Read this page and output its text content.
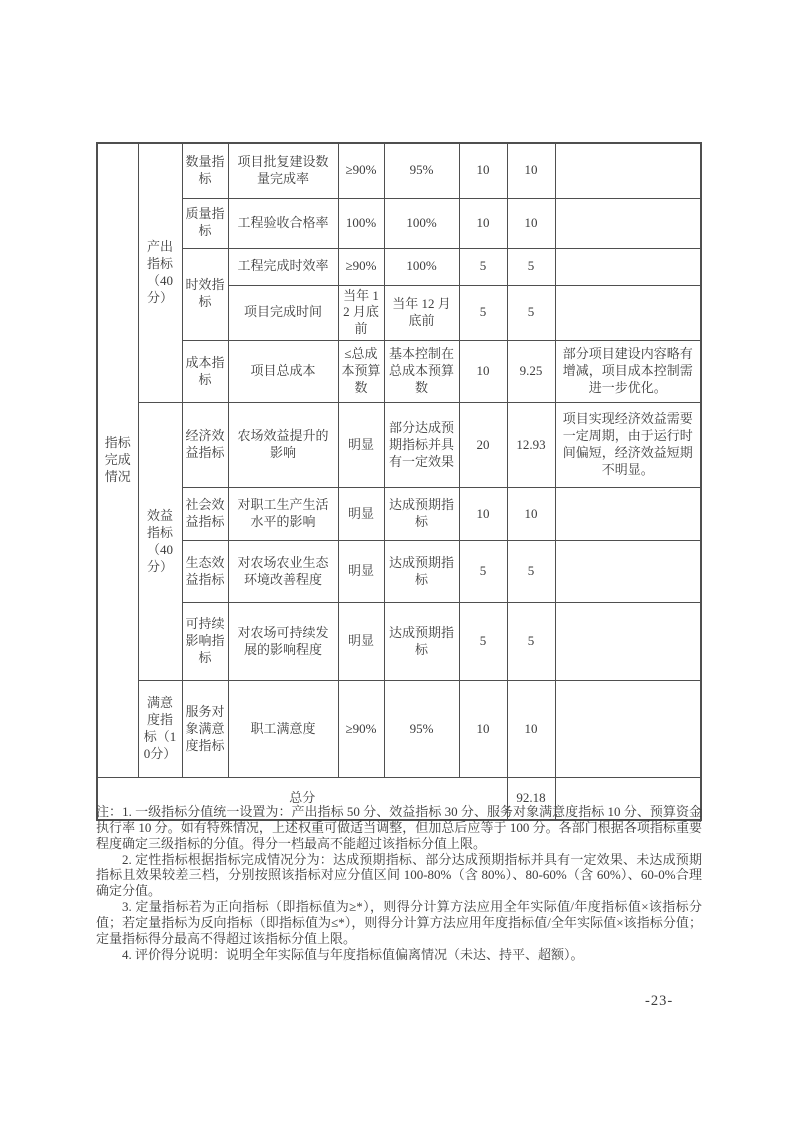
指标完成情况	产出指标（40分）	数量指标	项目批复建设数量完成率	≥90%	95%	10	10	
		质量指标	工程验收合格率	100%	100%	10	10	
		时效指标	工程完成时效率	≥90%	100%	5	5	
			项目完成时间	当年 12 月底前	当年 12 月底前	5	5	
		成本指标	项目总成本	≤总成本预算数	基本控制在总成本预算数	10	9.25	部分项目建设内容略有增减，项目成本控制需进一步优化。
	效益指标（40分）	经济效益指标	农场效益提升的影响	明显	部分达成预期指标并具有一定效果	20	12.93	项目实现经济效益需要一定周期，由于运行时间偏短，经济效益短期不明显。
		社会效益指标	对职工生产生活水平的影响	明显	达成预期指标	10	10	
		生态效益指标	对农场农业生态环境改善程度	明显	达成预期指标	5	5	
		可持续影响指标	对农场可持续发展的影响程度	明显	达成预期指标	5	5	
	满意度指标（10分）	服务对象满意度指标	职工满意度	≥90%	95%	10	10	
总分							92.18	

注：1. 一级指标分值统一设置为：产出指标 50 分、效益指标 30 分、服务对象满意度指标 10 分、预算资金执行率 10 分。如有特殊情况，上述权重可做适当调整，但加总后应等于 100 分。各部门根据各项指标重要程度确定三级指标的分值。得分一档最高不能超过该指标分值上限。

2. 定性指标根据指标完成情况分为：达成预期指标、部分达成预期指标并具有一定效果、未达成预期指标且效果较差三档，分别按照该指标对应分值区间 100-80%（含 80%）、80-60%（含 60%）、60-0%合理确定分值。

3. 定量指标若为正向指标（即指标值为≥*），则得分计算方法应用全年实际值/年度指标值×该指标分值；若定量指标为反向指标（即指标值为≤*），则得分计算方法应用年度指标值/全年实际值×该指标分值；定量指标得分最高不得超过该指标分值上限。

4. 评价得分说明：说明全年实际值与年度指标值偏离情况（未达、持平、超额）。

-23-
